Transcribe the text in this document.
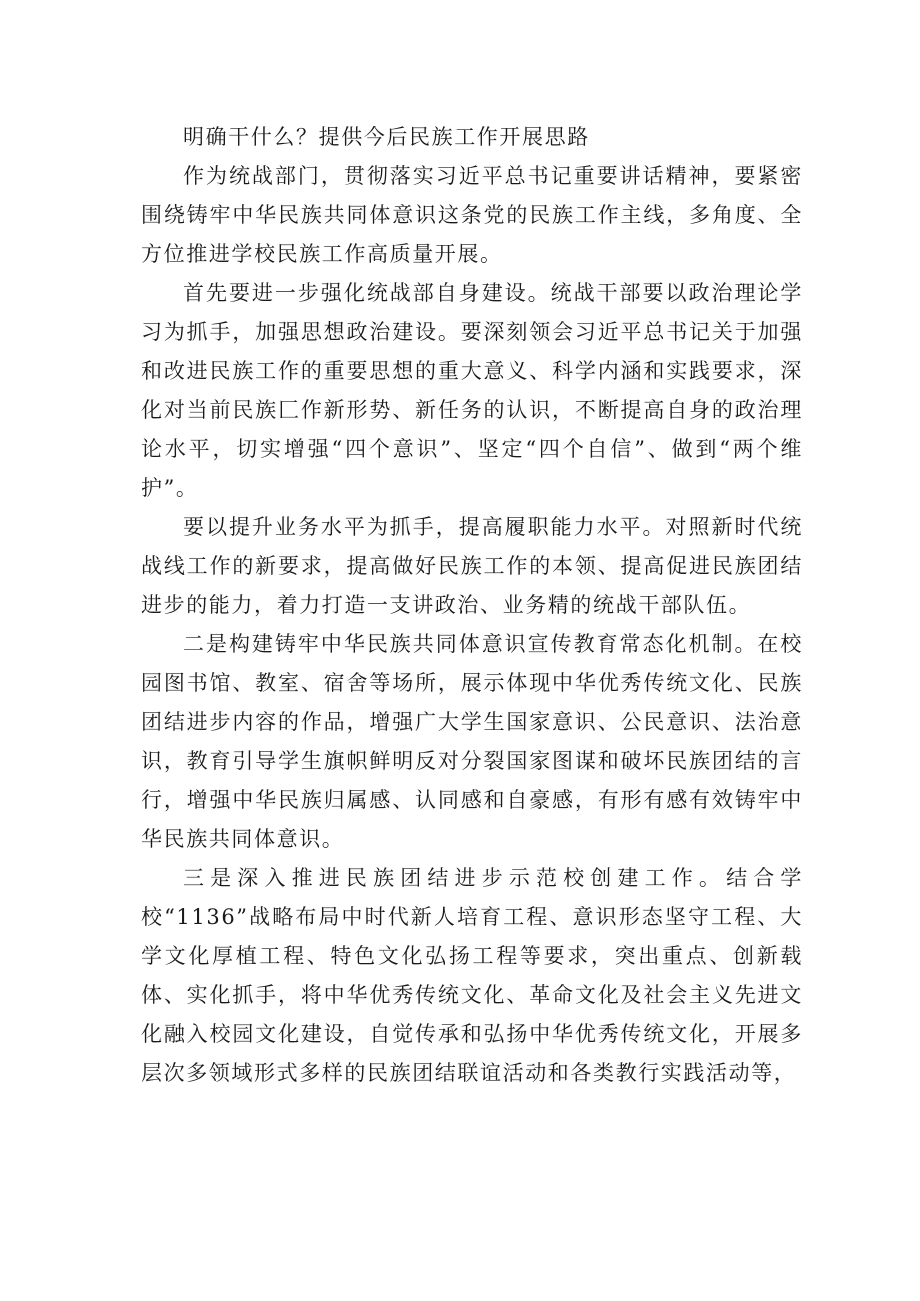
明确干什么？提供今后民族工作开展思路

作为统战部门，贯彻落实习近平总书记重要讲话精神，要紧密围绕铸牢中华民族共同体意识这条党的民族工作主线，多角度、全方位推进学校民族工作高质量开展。

首先要进一步强化统战部自身建设。统战干部要以政治理论学习为抓手，加强思想政治建设。要深刻领会习近平总书记关于加强和改进民族工作的重要思想的重大意义、科学内涵和实践要求，深化对当前民族匚作新形势、新任务的认识，不断提高自身的政治理论水平，切实增强“四个意识”、坚定“四个自信”、做到“两个维护”。

要以提升业务水平为抓手，提高履职能力水平。对照新时代统战线工作的新要求，提高做好民族工作的本领、提高促进民族团结进步的能力，着力打造一支讲政治、业务精的统战干部队伍。

二是构建铸牢中华民族共同体意识宣传教育常态化机制。在校园图书馆、教室、宿舍等场所，展示体现中华优秀传统文化、民族团结进步内容的作品，增强广大学生国家意识、公民意识、法治意识，教育引导学生旗帜鲜明反对分裂国家图谋和破坏民族团结的言行，增强中华民族归属感、认同感和自豪感，有形有感有效铸牢中华民族共同体意识。

三是深入推进民族团结进步示范校创建工作。结合学校“1136”战略布局中时代新人培育工程、意识形态坚守工程、大学文化厚植工程、特色文化弘扬工程等要求，突出重点、创新载体、实化抓手，将中华优秀传统文化、革命文化及社会主义先进文化融入校园文化建设，自觉传承和弘扬中华优秀传统文化，开展多层次多领域形式多样的民族团结联谊活动和各类教行实践活动等，
